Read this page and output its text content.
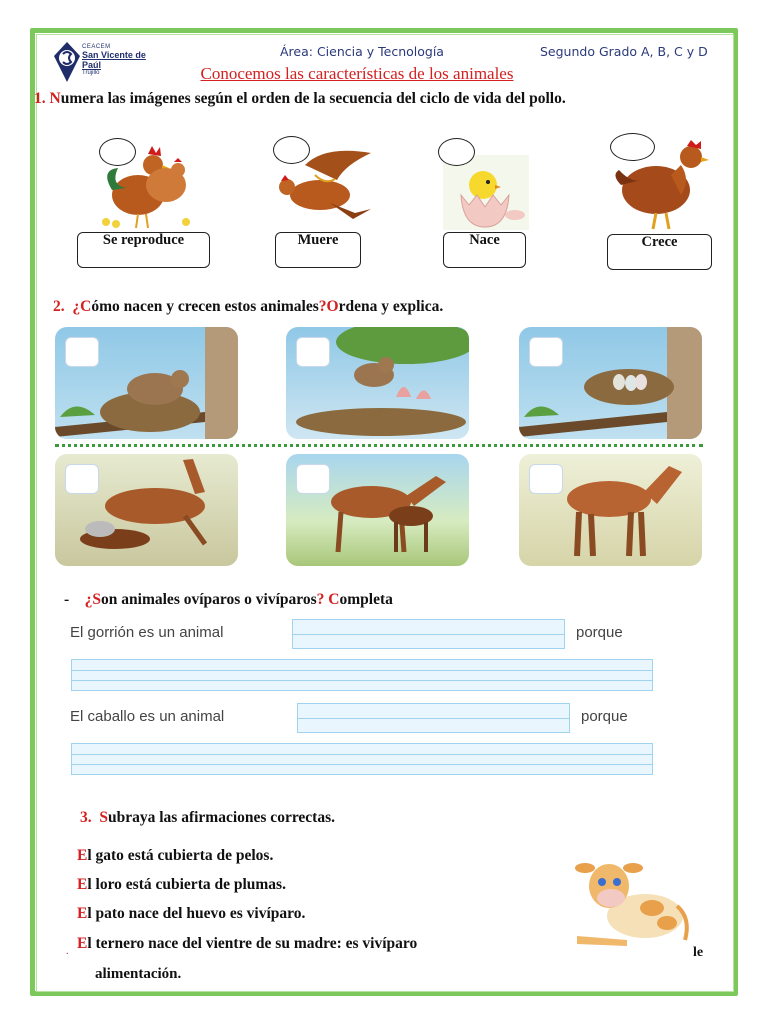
CEACEM
San Vicente de Paúl
Trujillo
Área: Ciencia y Tecnología	Segundo Grado A, B, C y D
Conocemos las características de los animales
1. Numera las imágenes según el orden de la secuencia del ciclo de vida del pollo.
Se reproduce	Muere	Nace	Crece
2. ¿Cómo nacen y crecen estos animales?Ordena y explica.
- ¿Son animales ovíparos o vivíparos? Completa
El gorrión es un animal	porque
El caballo es un animal	porque
3. Subraya las afirmaciones correctas.
El gato está cubierta de pelos.
El loro está cubierta de plumas.
El pato nace del huevo es vivíparo.
. El ternero nace del vientre de su madre: es vivíparo
alimentación.
le
